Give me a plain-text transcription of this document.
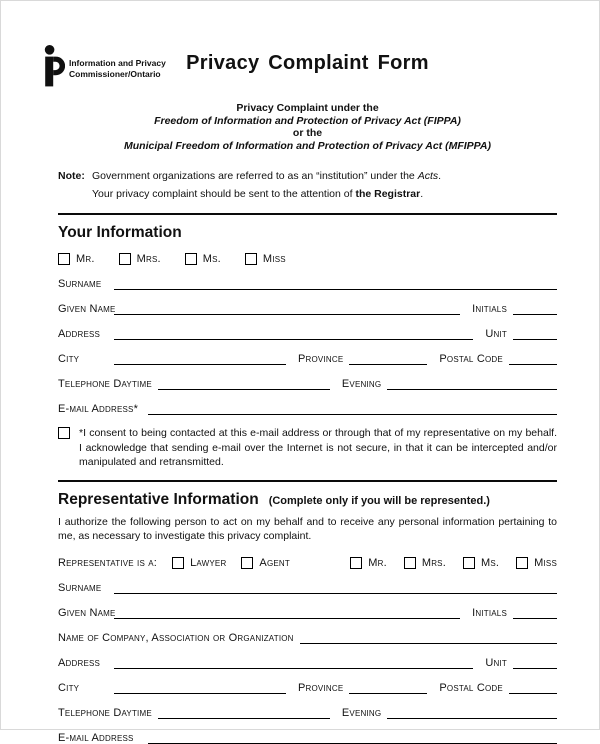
Information and Privacy
Commissioner/Ontario	Privacy Complaint Form
Privacy Complaint under the
Freedom of Information and Protection of Privacy Act (FIPPA)
or the
Municipal Freedom of Information and Protection of Privacy Act (MFIPPA)
Note: Government organizations are referred to as an “institution” under the Acts.
Your privacy complaint should be sent to the attention of the Registrar.
Your Information
Mr.	Mrs.	Ms.	Miss
Surname
Given Name	Initials
Address	Unit
City	Province	Postal Code
Telephone Daytime	Evening
E-mail Address*
*I consent to being contacted at this e-mail address or through that of my representative on my behalf. I acknowledge that sending e-mail over the Internet is not secure, in that it can be intercepted and/or manipulated and retransmitted.
Representative Information (Complete only if you will be represented.)
I authorize the following person to act on my behalf and to receive any personal information pertaining to me, as necessary to investigate this privacy complaint.
Representative is a:	Lawyer	Agent	Mr.	Mrs.	Ms.	Miss
Surname
Given Name	Initials
Name of Company, Association or Organization
Address	Unit
City	Province	Postal Code
Telephone Daytime	Evening
E-mail Address
